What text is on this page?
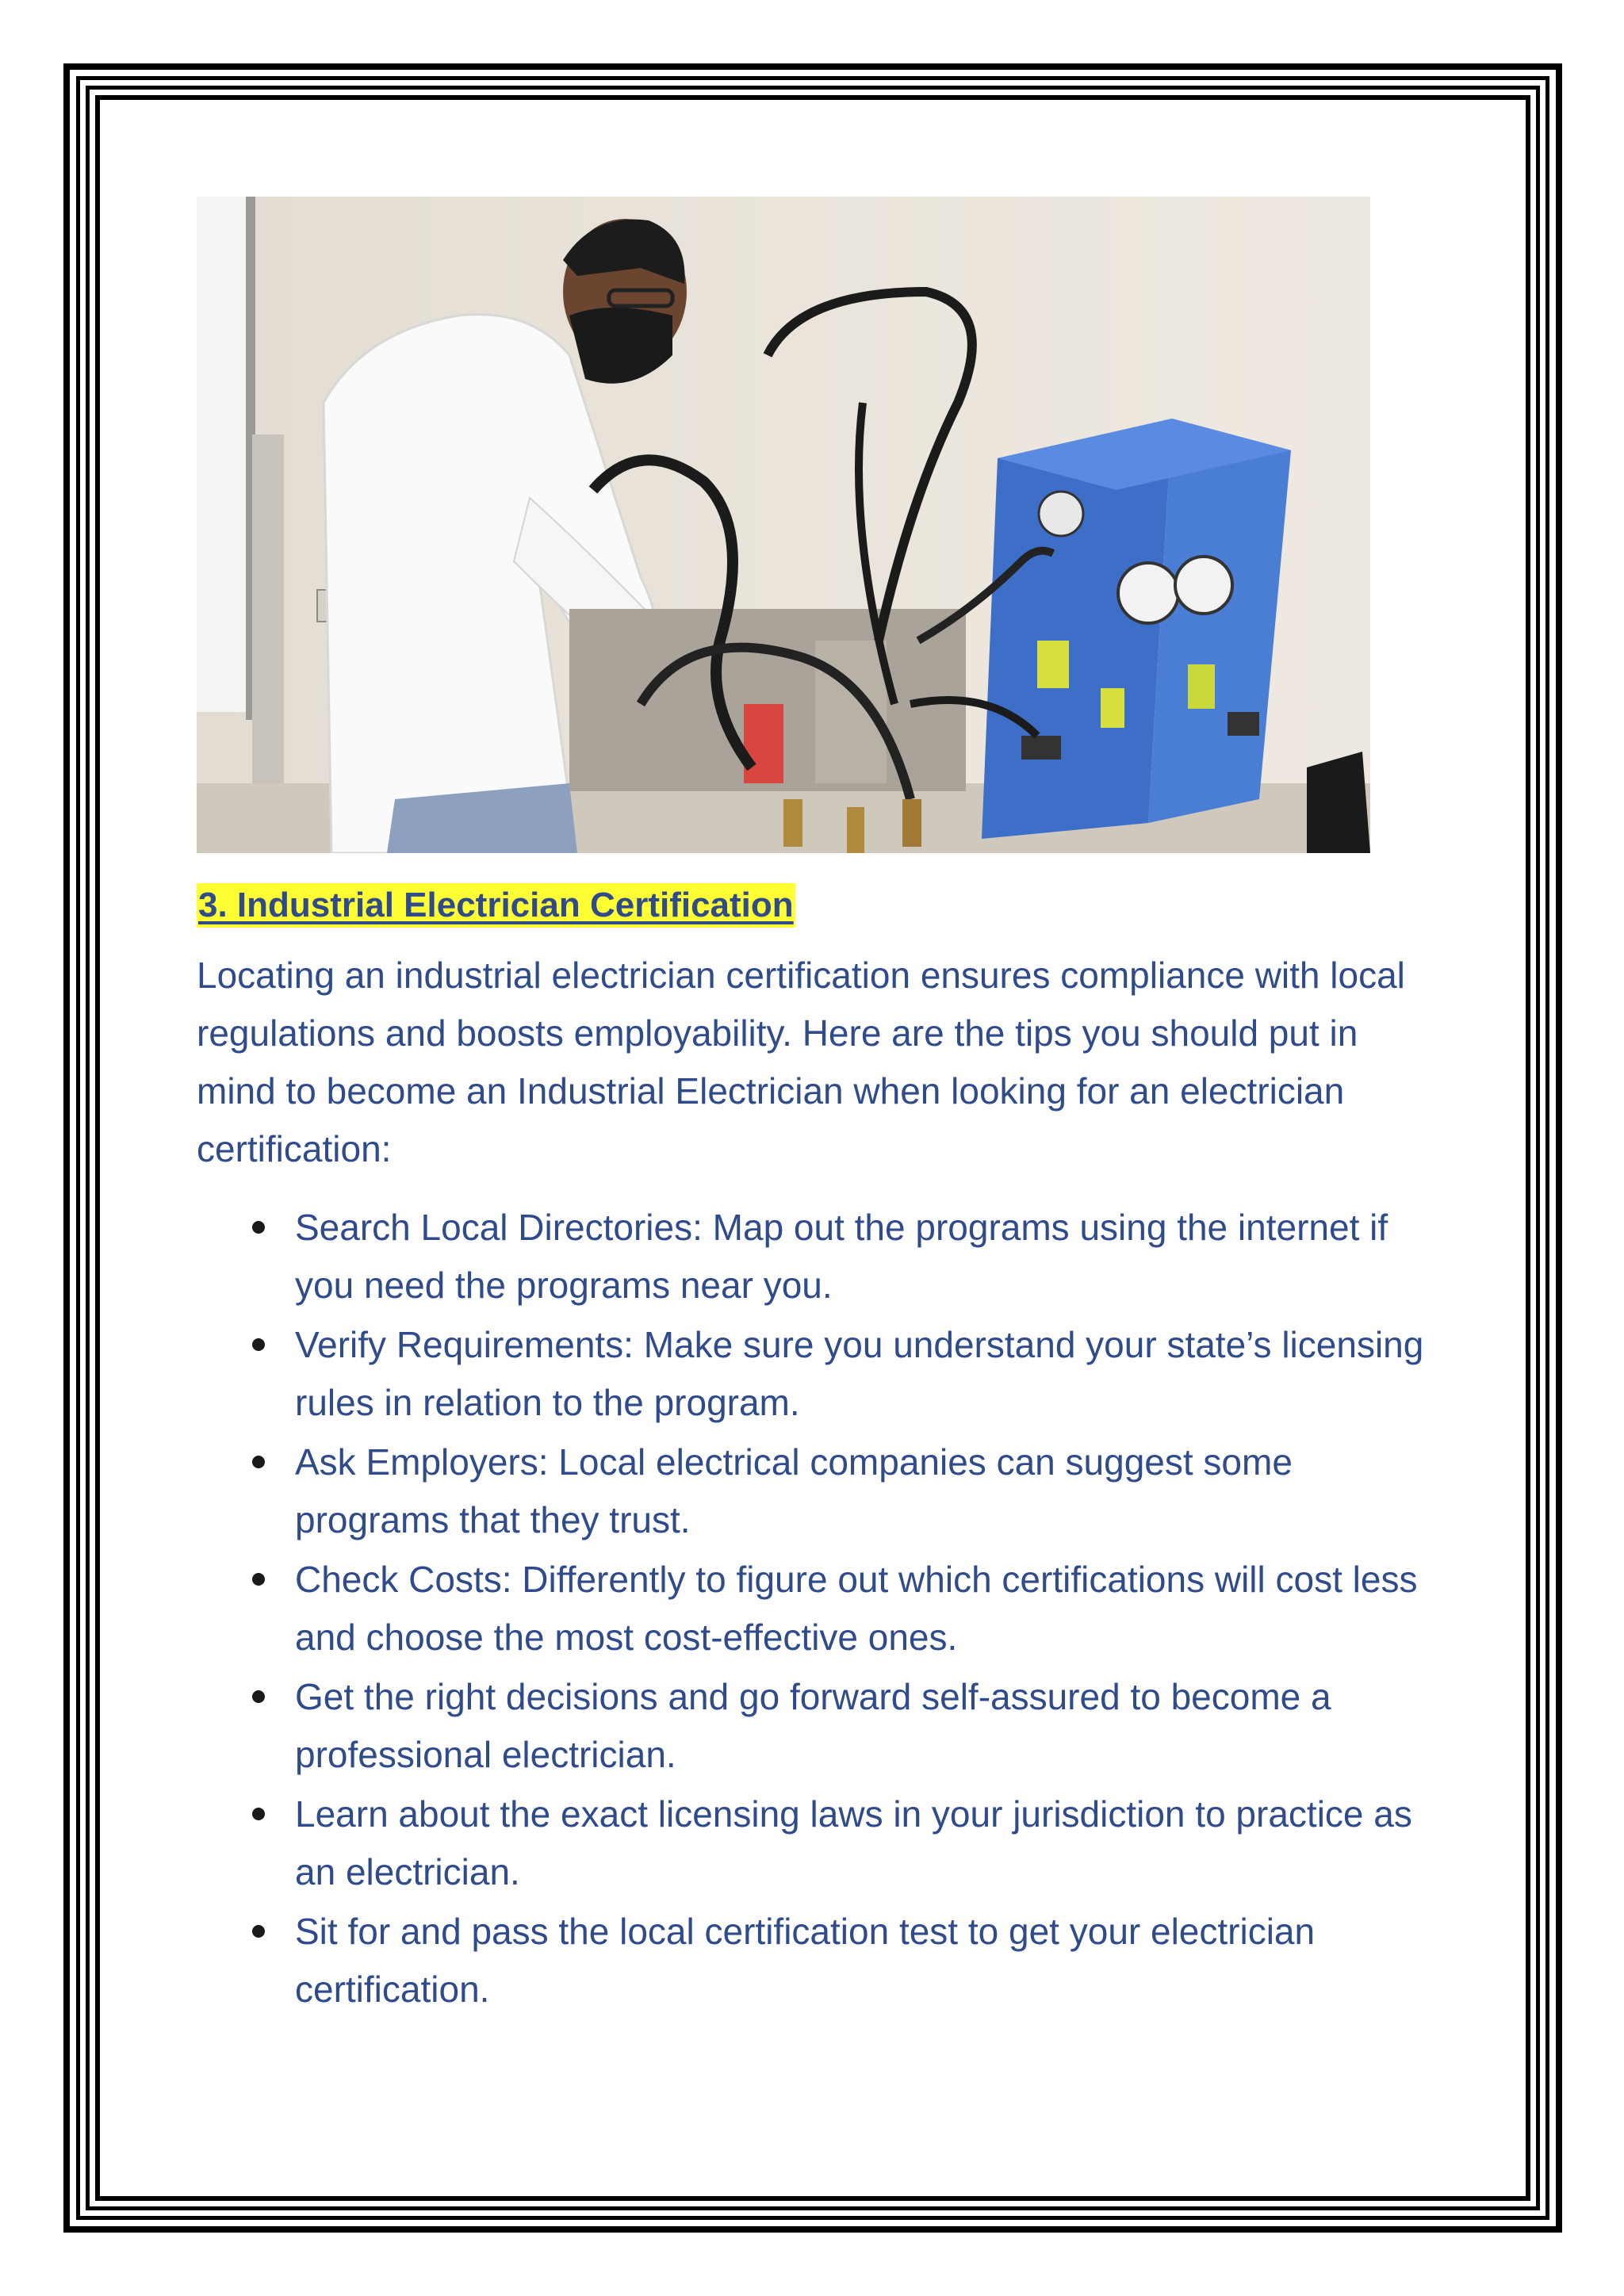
3. Industrial Electrician Certification

Locating an industrial electrician certification ensures compliance with local regulations and boosts employability. Here are the tips you should put in mind to become an Industrial Electrician when looking for an electrician certification:

Search Local Directories: Map out the programs using the internet if you need the programs near you.
Verify Requirements: Make sure you understand your state’s licensing rules in relation to the program.
Ask Employers: Local electrical companies can suggest some programs that they trust.
Check Costs: Differently to figure out which certifications will cost less and choose the most cost-effective ones.
Get the right decisions and go forward self-assured to become a professional electrician.
Learn about the exact licensing laws in your jurisdiction to practice as an electrician.
Sit for and pass the local certification test to get your electrician certification.
